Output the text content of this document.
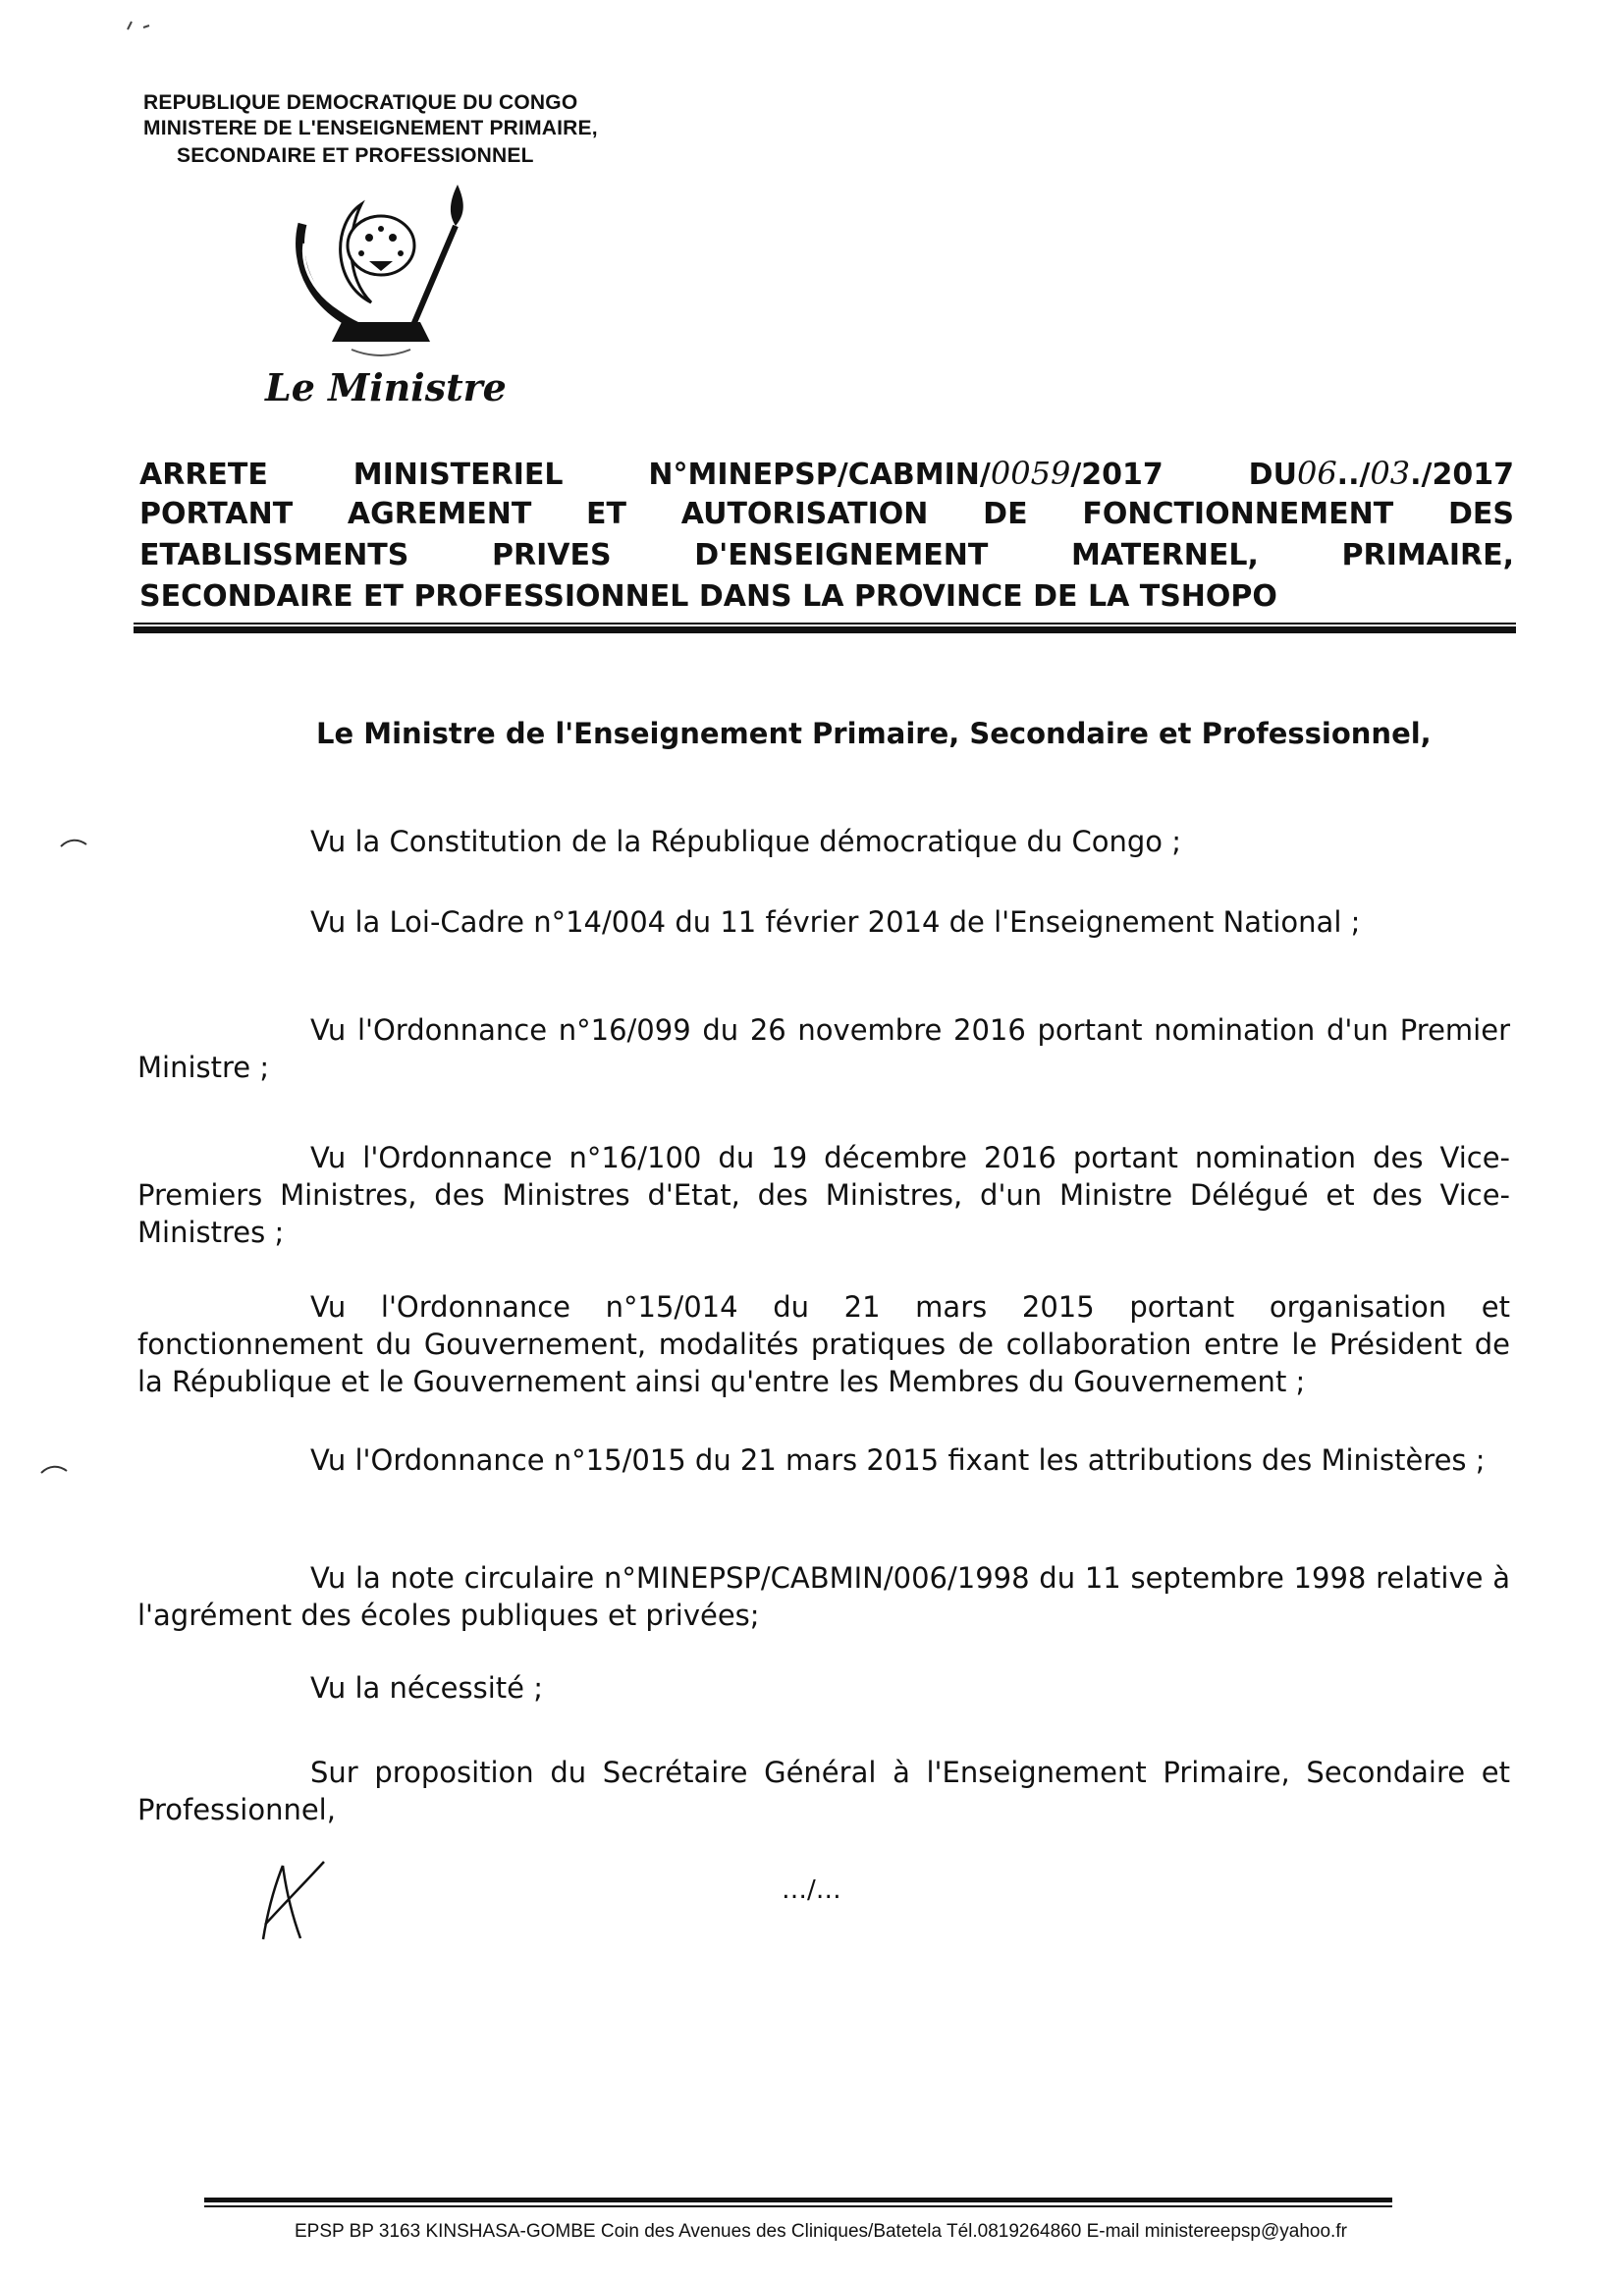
REPUBLIQUE DEMOCRATIQUE DU CONGO
MINISTERE DE L'ENSEIGNEMENT PRIMAIRE,
SECONDAIRE ET PROFESSIONNEL
Le Ministre
ARRETE MINISTERIEL N°MINEPSP/CABMIN/0059/2017 DU06../03./2017
PORTANT AGREMENT ET AUTORISATION DE FONCTIONNEMENT DES
ETABLISSMENTS PRIVES D'ENSEIGNEMENT MATERNEL, PRIMAIRE,
SECONDAIRE ET PROFESSIONNEL DANS LA PROVINCE DE LA TSHOPO
Le Ministre de l'Enseignement Primaire, Secondaire et Professionnel,
Vu la Constitution de la République démocratique du Congo ;
Vu la Loi-Cadre n°14/004 du 11 février 2014 de l'Enseignement National ;
Vu l'Ordonnance n°16/099 du 26 novembre 2016 portant nomination d'un Premier Ministre ;
Vu l'Ordonnance n°16/100 du 19 décembre 2016 portant nomination des Vice-Premiers Ministres, des Ministres d'Etat, des Ministres, d'un Ministre Délégué et des Vice-Ministres ;
Vu l'Ordonnance n°15/014 du 21 mars 2015 portant organisation et fonctionnement du Gouvernement, modalités pratiques de collaboration entre le Président de la République et le Gouvernement ainsi qu'entre les Membres du Gouvernement ;
Vu l'Ordonnance n°15/015 du 21 mars 2015 fixant les attributions des Ministères ;
Vu la note circulaire n°MINEPSP/CABMIN/006/1998 du 11 septembre 1998 relative à l'agrément des écoles publiques et privées;
Vu la nécessité ;
Sur proposition du Secrétaire Général à l'Enseignement Primaire, Secondaire et Professionnel,
…/…
EPSP BP 3163 KINSHASA-GOMBE Coin des Avenues des Cliniques/Batetela Tél.0819264860 E-mail ministereepsp@yahoo.fr
